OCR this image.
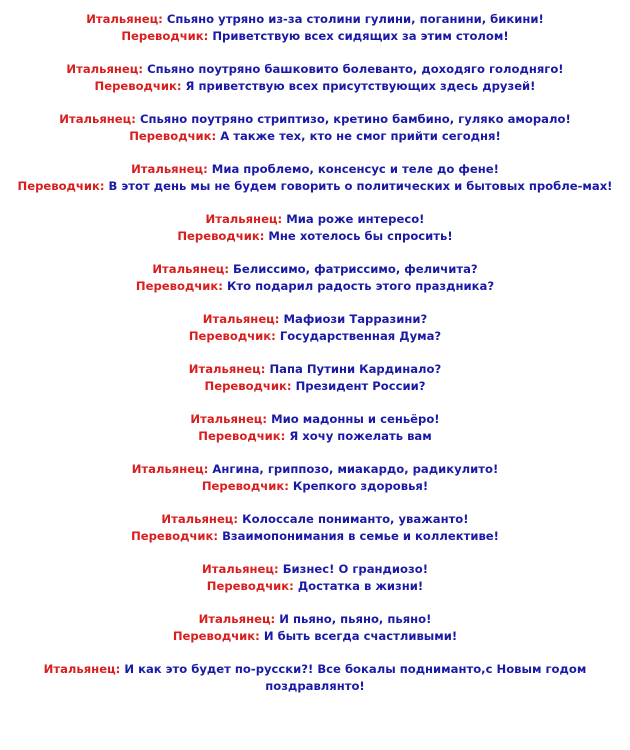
Итальянец: Спьяно утряно из-за столини гулини, поганини, бикини!
Переводчик: Приветствую всех сидящих за этим столом!
Итальянец: Спьяно поутряно башковито болеванто, доходяго голодняго!
Переводчик: Я приветствую всех присутствующих здесь друзей!
Итальянец: Спьяно поутряно стриптизо, кретино бамбино, гуляко аморало!
Переводчик: А также тех, кто не смог прийти сегодня!
Итальянец: Миа проблемо, консенсус и теле до фене!
Переводчик: В этот день мы не будем говорить о политических и бытовых пробле-мах!
Итальянец: Миа роже интересо!
Переводчик: Мне хотелось бы спросить!
Итальянец: Белиссимо, фатриссимо, феличита?
Переводчик: Кто подарил радость этого праздника?
Итальянец: Мафиози Тарразини?
Переводчик: Государственная Дума?
Итальянец: Папа Путини Кардинало?
Переводчик: Президент России?
Итальянец: Мио мадонны и сеньёро!
Переводчик: Я хочу пожелать вам
Итальянец: Ангина, гриппозо, миакардо, радикулито!
Переводчик: Крепкого здоровья!
Итальянец: Колоссале пониманто, уважанто!
Переводчик: Взаимопонимания в семье и коллективе!
Итальянец: Бизнес! О грандиозо!
Переводчик: Достатка в жизни!
Итальянец: И пьяно, пьяно, пьяно!
Переводчик: И быть всегда счастливыми!
Итальянец: И как это будет по-русски?! Все бокалы подниманто,с Новым годом поздравлянто!
